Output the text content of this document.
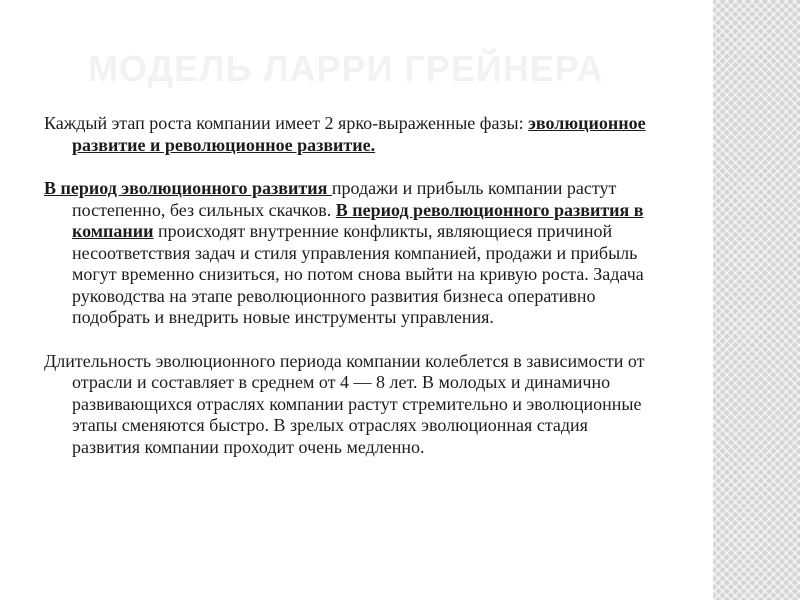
МОДЕЛЬ ЛАРРИ ГРЕЙНЕРА

Каждый этап роста компании имеет 2 ярко-выраженные фазы: эволюционное развитие и революционное развитие.

В период эволюционного развития продажи и прибыль компании растут постепенно, без сильных скачков. В период революционного развития в компании происходят внутренние конфликты, являющиеся причиной несоответствия задач и стиля управления компанией, продажи и прибыль могут временно снизиться, но потом снова выйти на кривую роста. Задача руководства на этапе революционного развития бизнеса оперативно подобрать и внедрить новые инструменты управления.

Длительность эволюционного периода компании колеблется в зависимости от отрасли и составляет в среднем от 4 — 8 лет. В молодых и динамично развивающихся отраслях компании растут стремительно и эволюционные этапы сменяются быстро. В зрелых отраслях эволюционная стадия развития компании проходит очень медленно.
